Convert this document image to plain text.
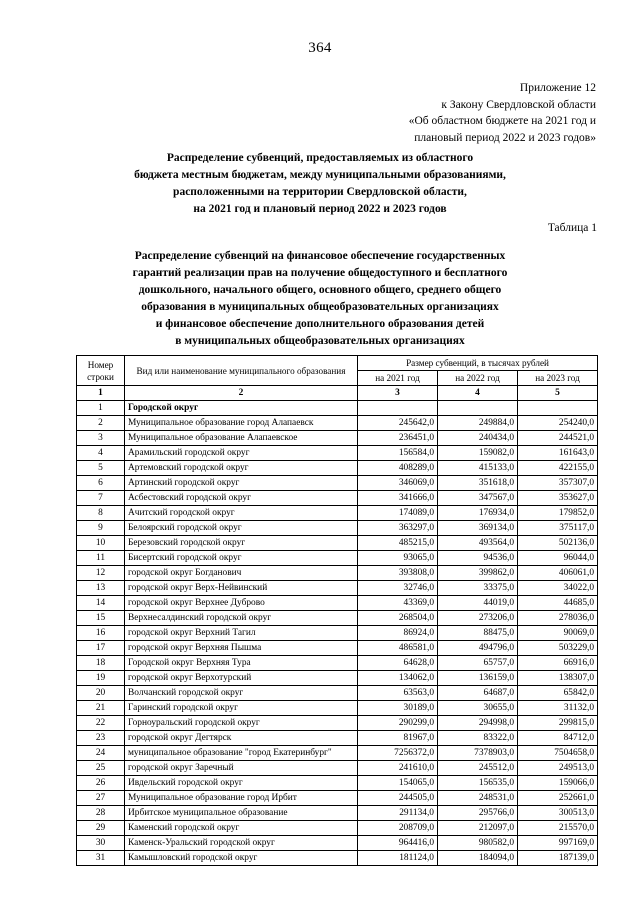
364
Приложение 12
к Закону Свердловской области
«Об областном бюджете на 2021 год и
плановый период 2022 и 2023 годов»
Распределение субвенций, предоставляемых из областного
бюджета местным бюджетам, между муниципальными образованиями,
расположенными на территории Свердловской области,
на 2021 год и плановый период 2022 и 2023 годов
Таблица 1
Распределение субвенций на финансовое обеспечение государственных
гарантий реализации прав на получение общедоступного и бесплатного
дошкольного, начального общего, основного общего, среднего общего
образования в муниципальных общеобразовательных организациях
и финансовое обеспечение дополнительного образования детей
в муниципальных общеобразовательных организациях
Номер
строки	Вид или наименование муниципального образования	Размер субвенций, в тысячах рублей		
		на 2021 год	на 2022 год	на 2023 год
1	2	3	4	5
1	Городской округ			
2	Муниципальное образование город Алапаевск	245642,0	249884,0	254240,0
3	Муниципальное образование Алапаевское	236451,0	240434,0	244521,0
4	Арамильский городской округ	156584,0	159082,0	161643,0
5	Артемовский городской округ	408289,0	415133,0	422155,0
6	Артинский городской округ	346069,0	351618,0	357307,0
7	Асбестовский городской округ	341666,0	347567,0	353627,0
8	Ачитский городской округ	174089,0	176934,0	179852,0
9	Белоярский городской округ	363297,0	369134,0	375117,0
10	Березовский городской округ	485215,0	493564,0	502136,0
11	Бисертский городской округ	93065,0	94536,0	96044,0
12	городской округ Богданович	393808,0	399862,0	406061,0
13	городской округ Верх-Нейвинский	32746,0	33375,0	34022,0
14	городской округ Верхнее Дуброво	43369,0	44019,0	44685,0
15	Верхнесалдинский городской округ	268504,0	273206,0	278036,0
16	городской округ Верхний Тагил	86924,0	88475,0	90069,0
17	городской округ Верхняя Пышма	486581,0	494796,0	503229,0
18	Городской округ Верхняя Тура	64628,0	65757,0	66916,0
19	городской округ Верхотурский	134062,0	136159,0	138307,0
20	Волчанский городской округ	63563,0	64687,0	65842,0
21	Гаринский городской округ	30189,0	30655,0	31132,0
22	Горноуральский городской округ	290299,0	294998,0	299815,0
23	городской округ Дегтярск	81967,0	83322,0	84712,0
24	муниципальное образование "город Екатеринбург"	7256372,0	7378903,0	7504658,0
25	городской округ Заречный	241610,0	245512,0	249513,0
26	Ивдельский городской округ	154065,0	156535,0	159066,0
27	Муниципальное образование город Ирбит	244505,0	248531,0	252661,0
28	Ирбитское муниципальное образование	291134,0	295766,0	300513,0
29	Каменский городской округ	208709,0	212097,0	215570,0
30	Каменск-Уральский городской округ	964416,0	980582,0	997169,0
31	Камышловский городской округ	181124,0	184094,0	187139,0
